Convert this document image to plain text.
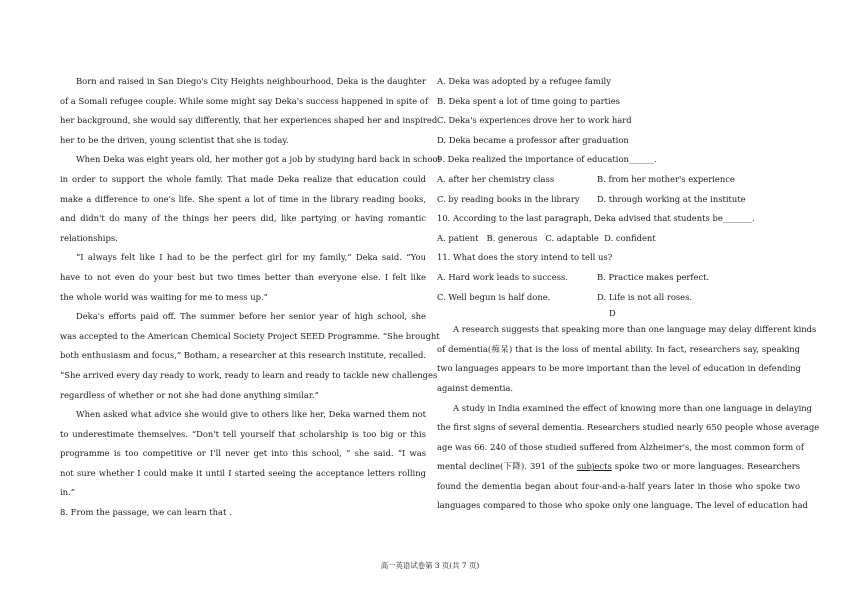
Born and raised in San Diego's City Heights neighbourhood, Deka is the daughter
of a Somali refugee couple. While some might say Deka's success happened in spite of
her background, she would say differently, that her experiences shaped her and inspired
her to be the driven, young scientist that she is today.
When Deka was eight years old, her mother got a job by studying hard back in school
in order to support the whole family. That made Deka realize that education could
make a difference to one's life. She spent a lot of time in the library reading books,
and didn't do many of the things her peers did, like partying or having romantic
relationships.
“I always felt like I had to be the perfect girl for my family,” Deka said. “You
have to not even do your best but two times better than everyone else. I felt like
the whole world was waiting for me to mess up.”
Deka's efforts paid off. The summer before her senior year of high school, she
was accepted to the American Chemical Society Project SEED Programme. “She brought
both enthusiasm and focus,” Botham, a researcher at this research institute, recalled.
“She arrived every day ready to work, ready to learn and ready to tackle new challenges
regardless of whether or not she had done anything similar.”
When asked what advice she would give to others like her, Deka warned them not
to underestimate themselves. “Don't tell yourself that scholarship is too big or this
programme is too competitive or I'll never get into this school, ” she said. “I was
not sure whether I could make it until I started seeing the acceptance letters rolling
in.”
8. From the passage, we can learn that .
A. Deka was adopted by a refugee family
B. Deka spent a lot of time going to parties
C. Deka's experiences drove her to work hard
D. Deka became a professor after graduation
9. Deka realized the importance of education______.
A. after her chemistry class	B. from her mother's experience
C. by reading books in the library	D. through working at the institute
10. According to the last paragraph, Deka advised that students be_______.
A. patient   B. generous   C. adaptable  D. confident
11. What does the story intend to tell us?
A. Hard work leads to success.	B. Practice makes perfect.
C. Well begun is half done.	D. Life is not all roses.
D
A research suggests that speaking more than one language may delay different kinds
of dementia(痴呆) that is the loss of mental ability. In fact, researchers say, speaking
two languages appears to be more important than the level of education in defending
against dementia.
A study in India examined the effect of knowing more than one language in delaying
the first signs of several dementia. Researchers studied nearly 650 people whose average
age was 66. 240 of those studied suffered from Alzheimer's, the most common form of
mental decline(下降). 391 of the subjects spoke two or more languages. Researchers
found the dementia began about four-and-a-half years later in those who spoke two
languages compared to those who spoke only one language. The level of education had
高一英语试卷第 3 页(共 7 页)
